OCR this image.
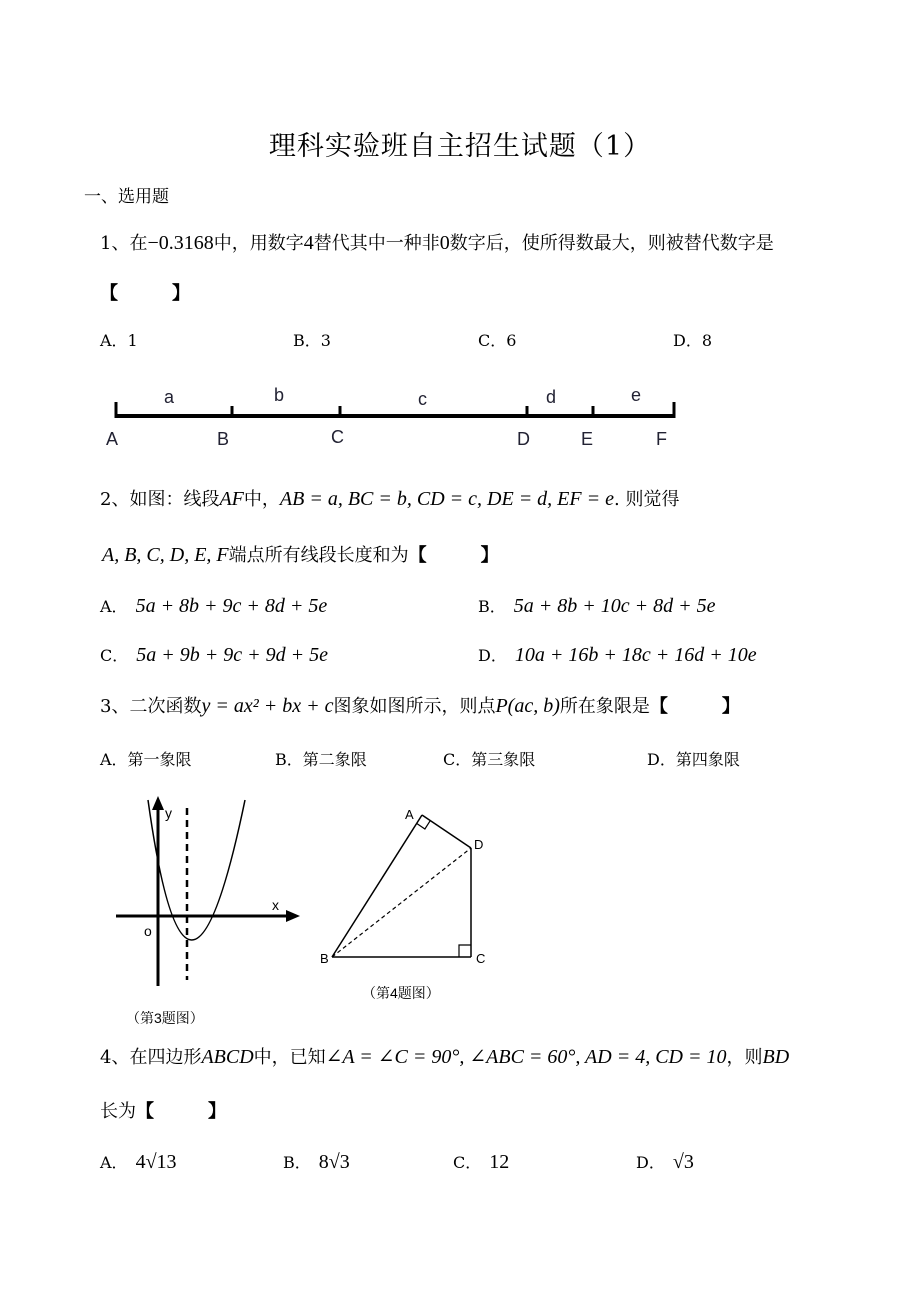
理科实验班自主招生试题（1）
一、选用题
1、在−0.3168中，用数字4替代其中一种非0数字后，使所得数最大，则被替代数字是
【　　　】
A．1	B．3	C．6	D．8
a	b	c	d	e
A	B	C	D	E	F
2、如图：线段AF中，AB = a, BC = b, CD = c, DE = d, EF = e. 则觉得
A, B, C, D, E, F端点所有线段长度和为【　　　】
A． 5a + 8b + 9c + 8d + 5e	B． 5a + 8b + 10c + 8d + 5e
C． 5a + 9b + 9c + 9d + 5e	D． 10a + 16b + 18c + 16d + 10e
3、二次函数y = ax² + bx + c图象如图所示，则点P(ac, b)所在象限是【　　　】
A．第一象限	B．第二象限	C．第三象限	D．第四象限
x
y
o
（第3题图）
A
B	C
D
（第4题图）
4、在四边形ABCD中，已知∠A = ∠C = 90°, ∠ABC = 60°, AD = 4, CD = 10，则BD
长为【　　　】
A． 4√13	B． 8√3	C． 12	D． √3
